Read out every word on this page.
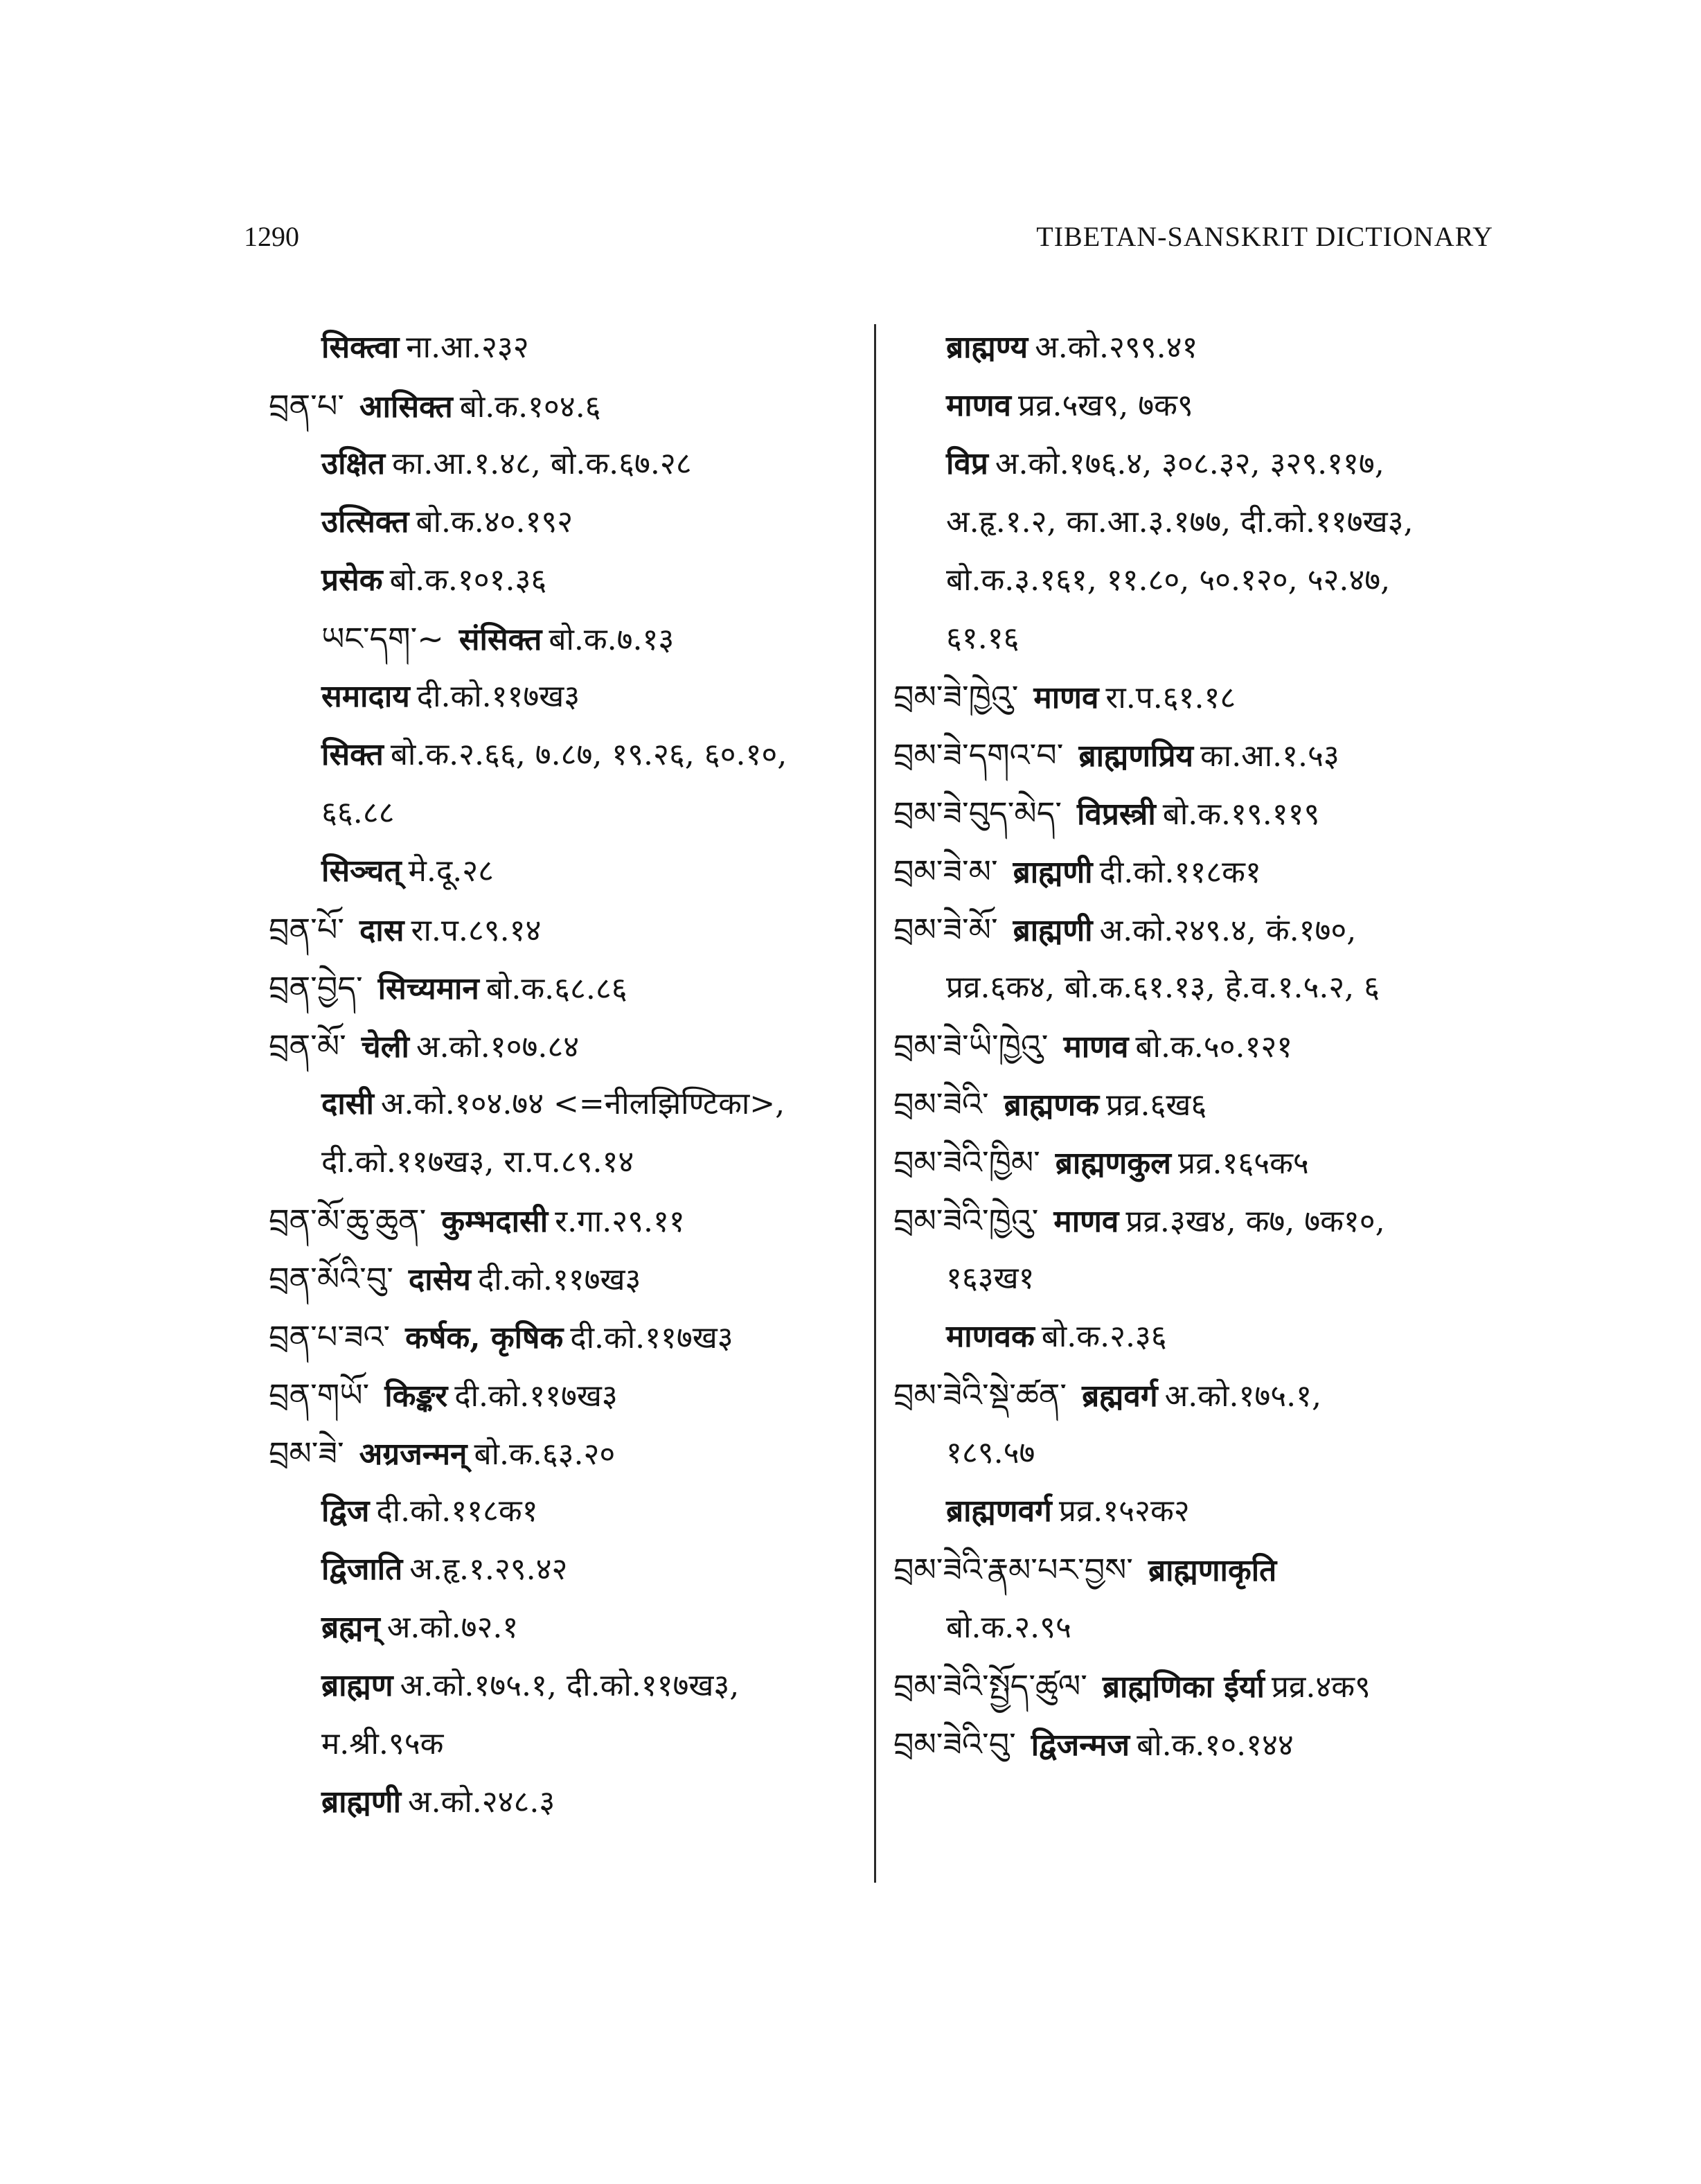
1290	TIBETAN-SANSKRIT DICTIONARY
सिक्त्वा ना.आ.२३२
བྲན་པ་ आसिक्त बो.क.१०४.६
उक्षित का.आ.१.४८, बो.क.६७.२८
उत्सिक्त बो.क.४०.१९२
प्रसेक बो.क.१०१.३६
ཡང་དག་~ संसिक्त बो.क.७.१३
समादाय दी.को.११७ख३
सिक्त बो.क.२.६६, ७.८७, १९.२६, ६०.१०,
६६.८८
सिञ्चत् मे.दू.२८
བྲན་པོ་ दास रा.प.८९.१४
བྲན་བྱེད་ सिच्यमान बो.क.६८.८६
བྲན་མོ་ चेली अ.को.१०७.८४
दासी अ.को.१०४.७४ <=नीलझिण्टिका>,
दी.को.११७ख३, रा.प.८९.१४
བྲན་མོ་ཆུ་ཆུན་ कुम्भदासी र.गा.२९.११
བྲན་མོའི་བུ་ दासेय दी.को.११७ख३
བྲན་པ་ཟའ་ कर्षक, कृषिक दी.को.११७ख३
བྲན་གཡོ་ किङ्कर दी.को.११७ख३
བྲམ་ཟེ་ अग्रजन्मन् बो.क.६३.२०
द्विज दी.को.११८क१
द्विजाति अ.हृ.१.२९.४२
ब्रह्मन् अ.को.७२.१
ब्राह्मण अ.को.१७५.१, दी.को.११७ख३,
म.श्री.९५क
ब्राह्मणी अ.को.२४८.३
ब्राह्मण्य अ.को.२९९.४१
माणव प्रव्र.५ख९, ७क९
विप्र अ.को.१७६.४, ३०८.३२, ३२९.११७,
अ.हृ.१.२, का.आ.३.१७७, दी.को.११७ख३,
बो.क.३.१६१, ११.८०, ५०.१२०, ५२.४७,
६१.१६
བྲམ་ཟེ་ཁྱེའུ་ माणव रा.प.६१.१८
བྲམ་ཟེ་དགའ་བ་ ब्राह्मणप्रिय का.आ.१.५३
བྲམ་ཟེ་བུད་མེད་ विप्रस्त्री बो.क.१९.११९
བྲམ་ཟེ་མ་ ब्राह्मणी दी.को.११८क१
བྲམ་ཟེ་མོ་ ब्राह्मणी अ.को.२४९.४, कं.१७०,
प्रव्र.६क४, बो.क.६१.१३, हे.व.१.५.२, ६
བྲམ་ཟེ་ཡི་ཁྱེའུ་ माणव बो.क.५०.१२१
བྲམ་ཟེའི་ ब्राह्मणक प्रव्र.६ख६
བྲམ་ཟེའི་ཁྱིམ་ ब्राह्मणकुल प्रव्र.१६५क५
བྲམ་ཟེའི་ཁྱེའུ་ माणव प्रव्र.३ख४, क७, ७क१०,
१६३ख१
माणवक बो.क.२.३६
བྲམ་ཟེའི་སྡེ་ཚན་ ब्रह्मवर्ग अ.को.१७५.१,
१८९.५७
ब्राह्मणवर्ग प्रव्र.१५२क२
བྲམ་ཟེའི་རྣམ་པར་བྱས་ ब्राह्मणाकृति
बो.क.२.९५
བྲམ་ཟེའི་སྤྱོད་ཚུལ་ ब्राह्मणिका ईर्या प्रव्र.४क९
བྲམ་ཟེའི་བུ་ द्विजन्मज बो.क.१०.१४४
